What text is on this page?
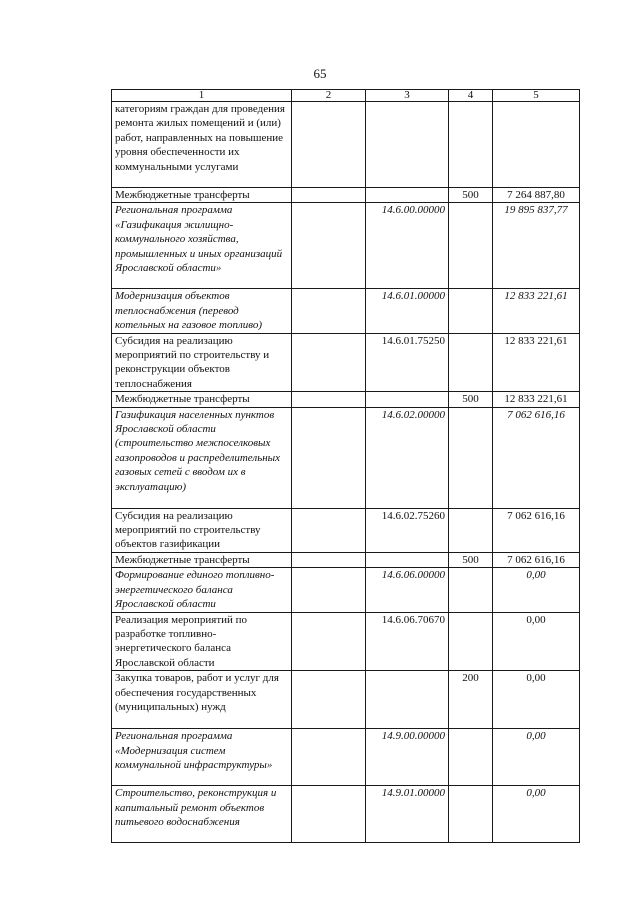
65
1	2	3	4	5
категориям граждан для проведения ремонта жилых помещений и (или) работ, направленных на повышение уровня обеспеченности их коммунальными услугами				
Межбюджетные трансферты			500	7 264 887,80
Региональная программа «Газификация жилищно-коммунального хозяйства, промышленных и иных организаций Ярославской области»		14.6.00.00000		19 895 837,77
Модернизация объектов теплоснабжения (перевод котельных на газовое топливо)		14.6.01.00000		12 833 221,61
Субсидия на реализацию мероприятий по строительству и реконструкции объектов теплоснабжения		14.6.01.75250		12 833 221,61
Межбюджетные трансферты			500	12 833 221,61
Газификация населенных пунктов Ярославской области (строительство межпоселковых газопроводов и распределительных газовых сетей с вводом их в эксплуатацию)		14.6.02.00000		7 062 616,16
Субсидия на реализацию мероприятий по строительству объектов газификации		14.6.02.75260		7 062 616,16
Межбюджетные трансферты			500	7 062 616,16
Формирование единого топливно-энергетического баланса Ярославской области		14.6.06.00000		0,00
Реализация мероприятий по разработке топливно-энергетического баланса Ярославской области		14.6.06.70670		0,00
Закупка товаров, работ и услуг для обеспечения государственных (муниципальных) нужд			200	0,00
Региональная программа «Модернизация систем коммунальной инфраструктуры»		14.9.00.00000		0,00
Строительство, реконструкция и капитальный ремонт объектов питьевого водоснабжения		14.9.01.00000		0,00
